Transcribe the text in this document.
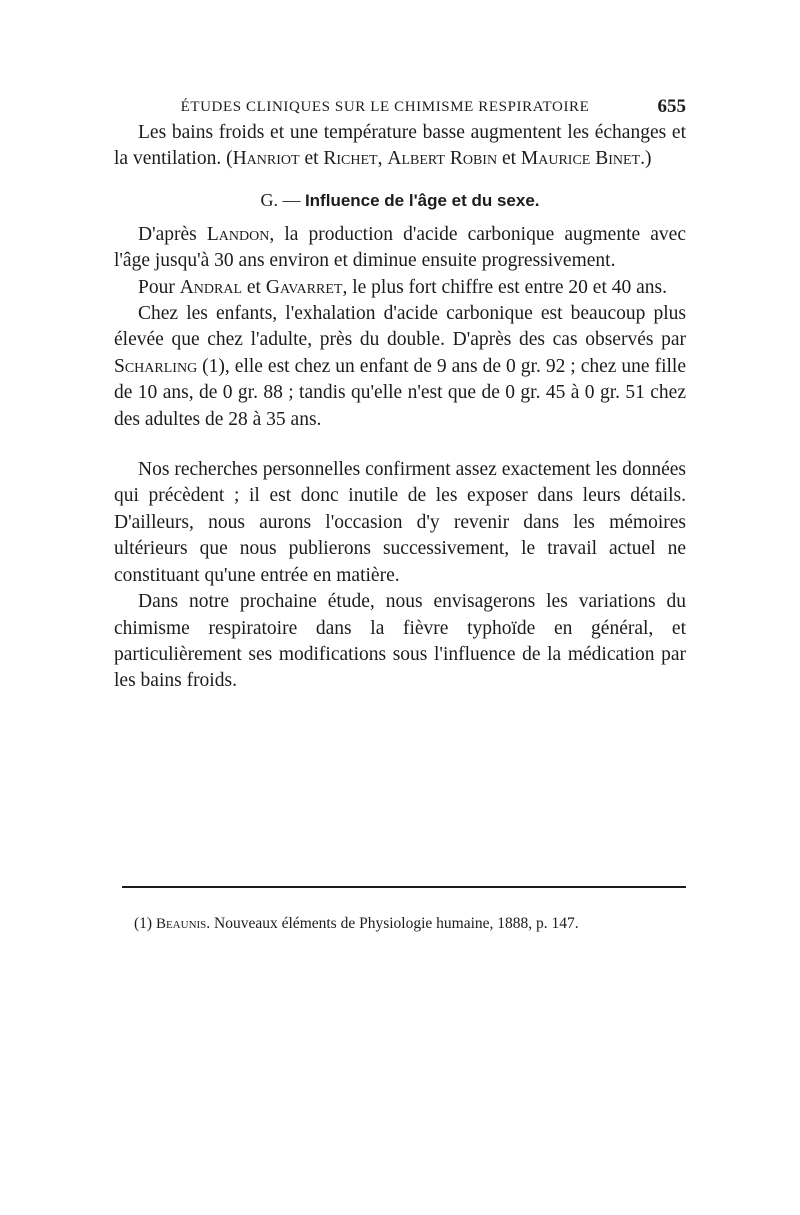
ÉTUDES CLINIQUES SUR LE CHIMISME RESPIRATOIRE	655

Les bains froids et une température basse augmentent les échanges et la ventilation. (Hanriot et Richet, Albert Robin et Maurice Binet.)

G. — Influence de l'âge et du sexe.

D'après Landon, la production d'acide carbonique augmente avec l'âge jusqu'à 30 ans environ et diminue ensuite progressivement.

Pour Andral et Gavarret, le plus fort chiffre est entre 20 et 40 ans.

Chez les enfants, l'exhalation d'acide carbonique est beaucoup plus élevée que chez l'adulte, près du double. D'après des cas observés par Scharling (1), elle est chez un enfant de 9 ans de 0 gr. 92 ; chez une fille de 10 ans, de 0 gr. 88 ; tandis qu'elle n'est que de 0 gr. 45 à 0 gr. 51 chez des adultes de 28 à 35 ans.

Nos recherches personnelles confirment assez exactement les données qui précèdent ; il est donc inutile de les exposer dans leurs détails. D'ailleurs, nous aurons l'occasion d'y revenir dans les mémoires ultérieurs que nous publierons successivement, le travail actuel ne constituant qu'une entrée en matière.

Dans notre prochaine étude, nous envisagerons les variations du chimisme respiratoire dans la fièvre typhoïde en général, et particulièrement ses modifications sous l'influence de la médication par les bains froids.

(1) Beaunis. Nouveaux éléments de Physiologie humaine, 1888, p. 147.
